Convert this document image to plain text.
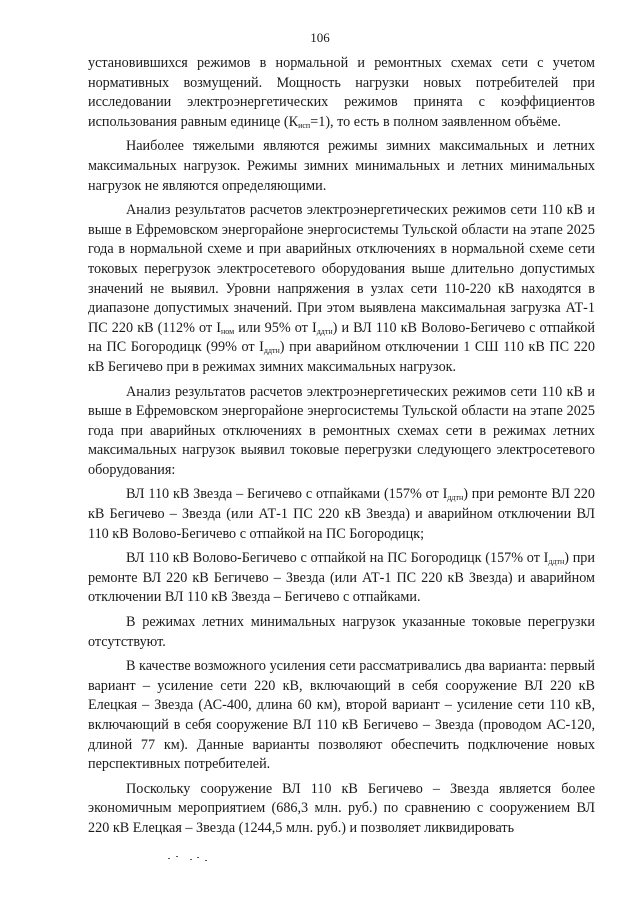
106

установившихся режимов в нормальной и ремонтных схемах сети с учетом нормативных возмущений. Мощность нагрузки новых потребителей при исследовании электроэнергетических режимов принята с коэффициентов использования равным единице $(К_{исп}=1)$, то есть в полном заявленном объёме.

Наиболее тяжелыми являются режимы зимних максимальных и летних максимальных нагрузок. Режимы зимних минимальных и летних минимальных нагрузок не являются определяющими.

Анализ результатов расчетов электроэнергетических режимов сети 110 кВ и выше в Ефремовском энергорайоне энергосистемы Тульской области на этапе 2025 года в нормальной схеме и при аварийных отключениях в нормальной схеме сети токовых перегрузок электросетевого оборудования выше длительно допустимых значений не выявил. Уровни напряжения в узлах сети 110-220 кВ находятся в диапазоне допустимых значений. При этом выявлена максимальная загрузка АТ-1 ПС 220 кВ (112% от $I_{ном}$ или 95% от $I_{ддтн}$) и ВЛ 110 кВ Волово-Бегичево с отпайкой на ПС Богородицк (99% от $I_{ддтн}$) при аварийном отключении 1 СШ 110 кВ ПС 220 кВ Бегичево при в режимах зимних максимальных нагрузок.

Анализ результатов расчетов электроэнергетических режимов сети 110 кВ и выше в Ефремовском энергорайоне энергосистемы Тульской области на этапе 2025 года при аварийных отключениях в ремонтных схемах сети в режимах летних максимальных нагрузок выявил токовые перегрузки следующего электросетевого оборудования:

ВЛ 110 кВ Звезда – Бегичево с отпайками (157% от $I_{ддтн}$) при ремонте ВЛ 220 кВ Бегичево – Звезда (или АТ-1 ПС 220 кВ Звезда) и аварийном отключении ВЛ 110 кВ Волово-Бегичево с отпайкой на ПС Богородицк;

ВЛ 110 кВ Волово-Бегичево с отпайкой на ПС Богородицк (157% от $I_{ддтн}$) при ремонте ВЛ 220 кВ Бегичево – Звезда (или АТ-1 ПС 220 кВ Звезда) и аварийном отключении ВЛ 110 кВ Звезда – Бегичево с отпайками.

В режимах летних минимальных нагрузок указанные токовые перегрузки отсутствуют.

В качестве возможного усиления сети рассматривались два варианта: первый вариант – усиление сети 220 кВ, включающий в себя сооружение ВЛ 220 кВ Елецкая – Звезда (АС-400, длина 60 км), второй вариант – усиление сети 110 кВ, включающий в себя сооружение ВЛ 110 кВ Бегичево – Звезда (проводом АС-120, длиной 77 км). Данные варианты позволяют обеспечить подключение новых перспективных потребителей.

Поскольку сооружение ВЛ 110 кВ Бегичево – Звезда является более экономичным мероприятием (686,3 млн. руб.) по сравнению с сооружением ВЛ 220 кВ Елецкая – Звезда (1244,5 млн. руб.) и позволяет ликвидировать
